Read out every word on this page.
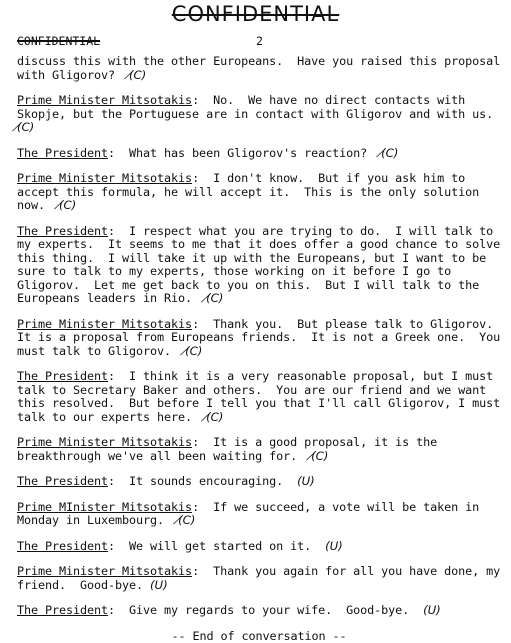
CONFIDENTIAL
CONFIDENTIAL	2

discuss this with the other Europeans.  Have you raised this proposal with Gligorov?  (̸C)

Prime Minister Mitsotakis:  No.  We have no direct contacts with Skopje, but the Portuguese are in contact with Gligorov and with us.  (̸C)

The President:  What has been Gligorov's reaction?  (̸C)

Prime Minister Mitsotakis:  I don't know.  But if you ask him to accept this formula, he will accept it.  This is the only solution now.  (̸C)

The President:  I respect what you are trying to do.  I will talk to my experts.  It seems to me that it does offer a good chance to solve this thing.  I will take it up with the Europeans, but I want to be sure to talk to my experts, those working on it before I go to Gligorov.  Let me get back to you on this.  But I will talk to the Europeans leaders in Rio.  (̸C)

Prime Minister Mitsotakis:  Thank you.  But please talk to Gligorov.  It is a proposal from Europeans friends.  It is not a Greek one.  You must talk to Gligorov.  (̸C)

The President:  I think it is a very reasonable proposal, but I must talk to Secretary Baker and others.  You are our friend and we want this resolved.  But before I tell you that I'll call Gligorov, I must talk to our experts here.  (̸C)

Prime Minister Mitsotakis:  It is a good proposal, it is the breakthrough we've all been waiting for.  (̸C)

The President:  It sounds encouraging.  (U)

Prime MInister Mitsotakis:  If we succeed, a vote will be taken in Monday in Luxembourg.  (̸C)

The President:  We will get started on it.  (U)

Prime Minister Mitsotakis:  Thank you again for all you have done, my friend.  Good-bye. (U)

The President:  Give my regards to your wife.  Good-bye.  (U)

-- End of conversation --
